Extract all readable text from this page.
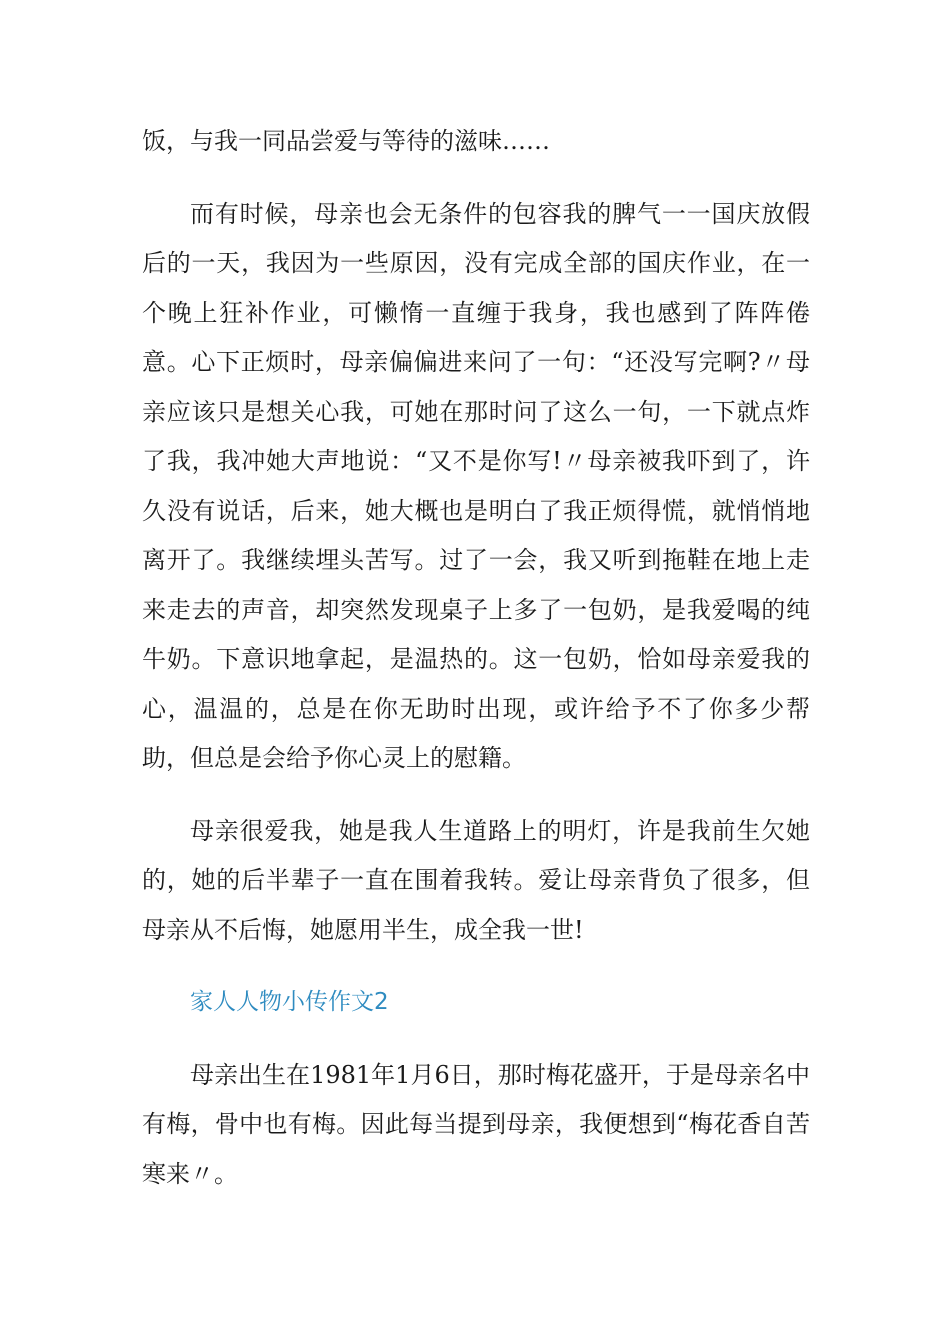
饭，与我一同品尝爱与等待的滋味……

而有时候，母亲也会无条件的包容我的脾气一一国庆放假后的一天，我因为一些原因，没有完成全部的国庆作业，在一个晚上狂补作业，可懒惰一直缠于我身，我也感到了阵阵倦意。心下正烦时，母亲偏偏进来问了一句：“还没写完啊?〃母亲应该只是想关心我，可她在那时问了这么一句，一下就点炸了我，我冲她大声地说：“又不是你写!〃母亲被我吓到了，许久没有说话，后来，她大概也是明白了我正烦得慌，就悄悄地离开了。我继续埋头苦写。过了一会，我又听到拖鞋在地上走来走去的声音，却突然发现桌子上多了一包奶，是我爱喝的纯牛奶。下意识地拿起，是温热的。这一包奶，恰如母亲爱我的心，温温的，总是在你无助时出现，或许给予不了你多少帮助，但总是会给予你心灵上的慰籍。

母亲很爱我，她是我人生道路上的明灯，许是我前生欠她的，她的后半辈子一直在围着我转。爱让母亲背负了很多，但母亲从不后悔，她愿用半生，成全我一世!

家人人物小传作文2

母亲出生在1981年1月6日，那时梅花盛开，于是母亲名中有梅，骨中也有梅。因此每当提到母亲，我便想到“梅花香自苦寒来〃。
